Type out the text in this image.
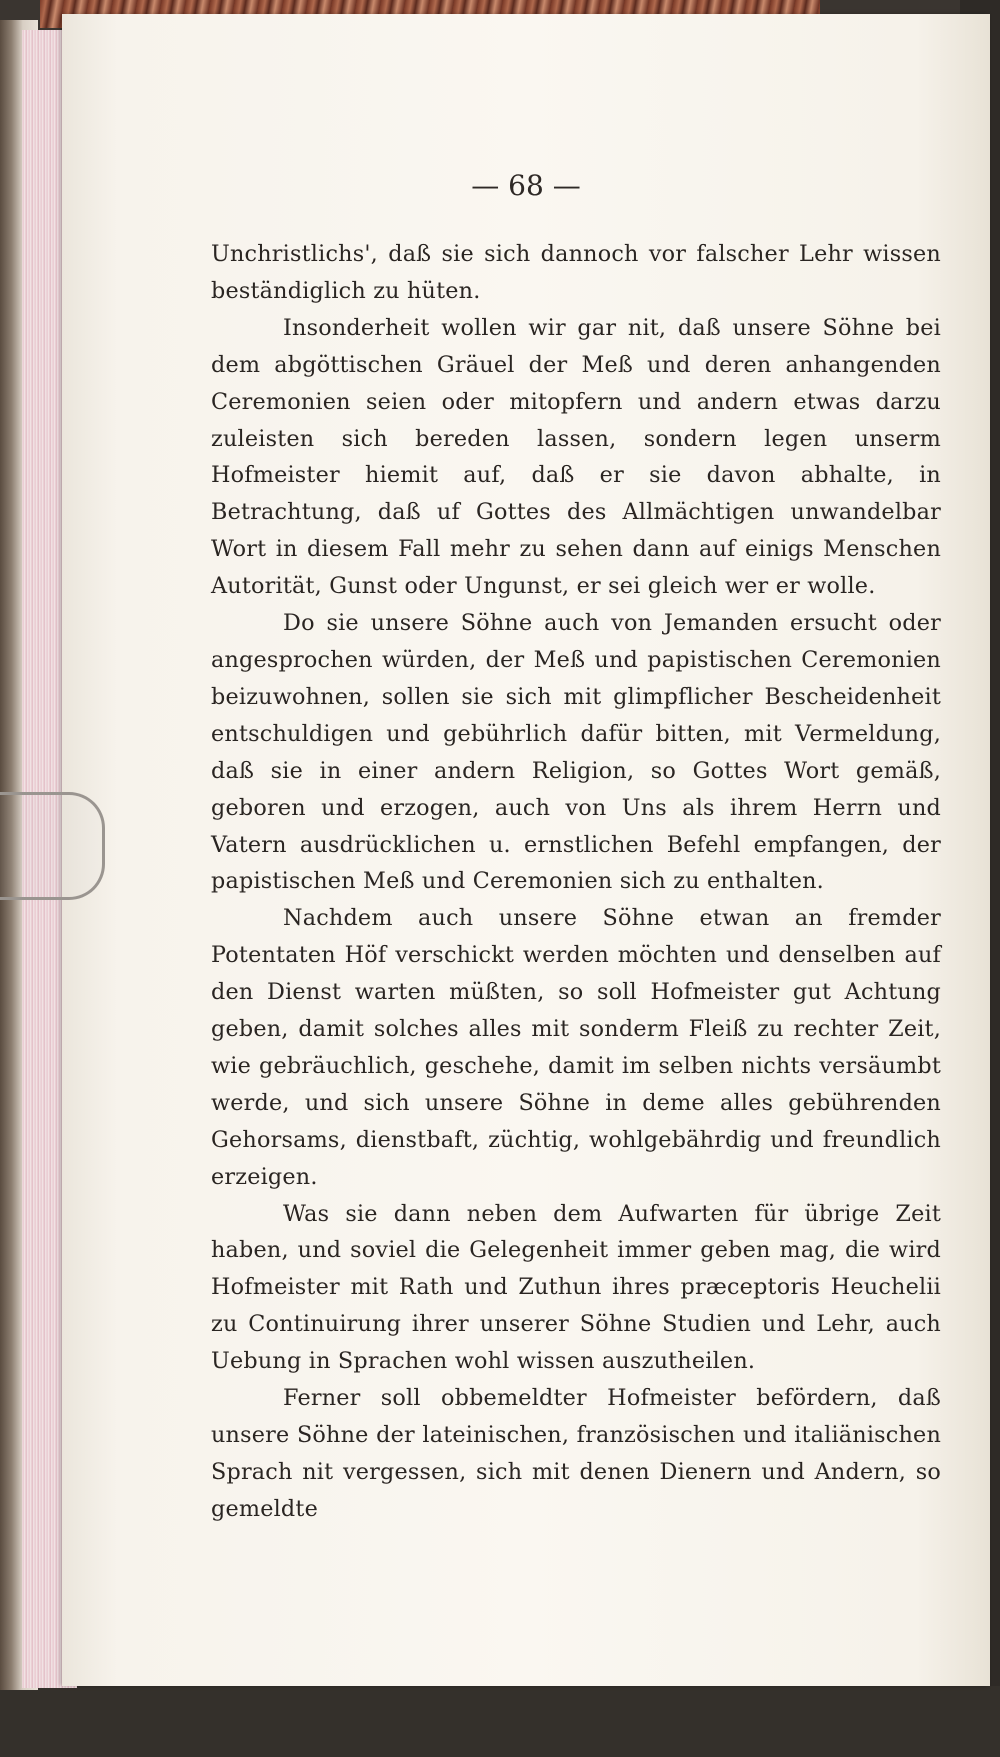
— 68 —

Unchristlichs', daß sie sich dannoch vor falscher Lehr wissen beständiglich zu hüten.

Insonderheit wollen wir gar nit, daß unsere Söhne bei dem abgöttischen Gräuel der Meß und deren anhangenden Ceremonien seien oder mitopfern und andern etwas darzu zuleisten sich bereden lassen, sondern legen unserm Hofmeister hiemit auf, daß er sie davon abhalte, in Betrachtung, daß uf Gottes des Allmächtigen unwandelbar Wort in diesem Fall mehr zu sehen dann auf einigs Menschen Autorität, Gunst oder Ungunst, er sei gleich wer er wolle.

Do sie unsere Söhne auch von Jemanden ersucht oder angesprochen würden, der Meß und papistischen Ceremonien beizuwohnen, sollen sie sich mit glimpflicher Bescheidenheit entschuldigen und gebührlich dafür bitten, mit Vermeldung, daß sie in einer andern Religion, so Gottes Wort gemäß, geboren und erzogen, auch von Uns als ihrem Herrn und Vatern ausdrücklichen u. ernstlichen Befehl empfangen, der papistischen Meß und Ceremonien sich zu enthalten.

Nachdem auch unsere Söhne etwan an fremder Potentaten Höf verschickt werden möchten und denselben auf den Dienst warten müßten, so soll Hofmeister gut Achtung geben, damit solches alles mit sonderm Fleiß zu rechter Zeit, wie gebräuchlich, geschehe, damit im selben nichts versäumbt werde, und sich unsere Söhne in deme alles gebührenden Gehorsams, dienstbaft, züchtig, wohlgebährdig und freundlich erzeigen.

Was sie dann neben dem Aufwarten für übrige Zeit haben, und soviel die Gelegenheit immer geben mag, die wird Hofmeister mit Rath und Zuthun ihres præceptoris Heuchelii zu Continuirung ihrer unserer Söhne Studien und Lehr, auch Uebung in Sprachen wohl wissen auszutheilen.

Ferner soll obbemeldter Hofmeister befördern, daß unsere Söhne der lateinischen, französischen und italiänischen Sprach nit vergessen, sich mit denen Dienern und Andern, so gemeldte
